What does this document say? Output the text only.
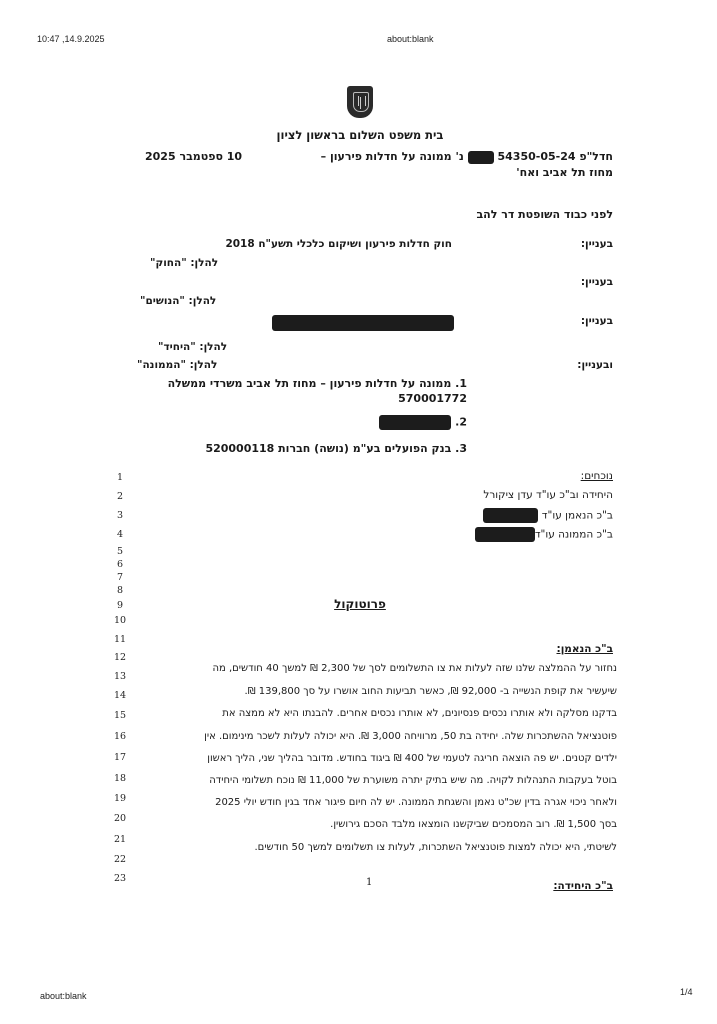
10:47 ,14.9.2025	about:blank
בית משפט השלום בראשון לציון
חדל"פ 54350-05-24  נ' ממונה על חדלות פירעון –
מחוז תל אביב ואח'
10 ספטמבר 2025
לפני כבוד השופטת דר להב
בעניין:
חוק חדלות פירעון ושיקום כלכלי תשע"ח 2018
להלן: "החוק"
בעניין:
להלן: "הנושים"
בעניין:
להלן: "היחיד"
ובעניין:
להלן: "הממונה"
1. ממונה על חדלות פירעון – מחוז תל אביב משרדי ממשלה
570001772
2.
3. בנק הפועלים בע"מ (נושה) חברות 520000118
נוכחים:
היחידה וב"כ עו"ד עדן ציקורל
ב"כ הנאמן עו"ד
ב"כ הממונה עו"ד
פרוטוקול
ב"כ הנאמן:
נחזור על ההמלצה שלנו שזה לעלות את צו התשלומים לסך של 2,300 ₪ למשך 40 חודשים, מה
שיעשיר את קופת הנשייה ב- 92,000 ₪, כאשר תביעות החוב אושרו על סך 139,800 ₪.
בדקנו מסלקה ולא אותרו נכסים פנסיונים, לא אותרו נכסים אחרים. להבנתו היא לא ממצה את
פוטנציאל ההשתכרות שלה. יחידה בת 50, מרוויחה 3,000 ₪. היא יכולה לעלות לשכר מינימום. אין
ילדים קטנים. יש פה הוצאה חריגה לטעמי של 400 ₪ ביגוד בחודש. מדובר בהליך שני, הליך ראשון
בוטל בעקבות התנהלות לקויה. מה שיש בתיק יתרה משוערת של 11,000 ₪ נוכח תשלומי היחידה
ולאחר ניכוי אגרה בדין שכ"ט נאמן והשגחת הממונה. יש לה חיום פיגור אחד בגין חודש יולי 2025
בסך 1,500 ₪. רוב המסמכים שביקשנו הומצאו מלבד הסכם גירושין.
לשיטתי, היא יכולה למצות פוטנציאל השתכרות, לעלות צו תשלומים למשך 50 חודשים.
ב"כ היחידה:
1
2
3
4
5
6
7
8
9
10
11
12
13
14
15
16
17
18
19
20
21
22
23	1
about:blank	1/4
